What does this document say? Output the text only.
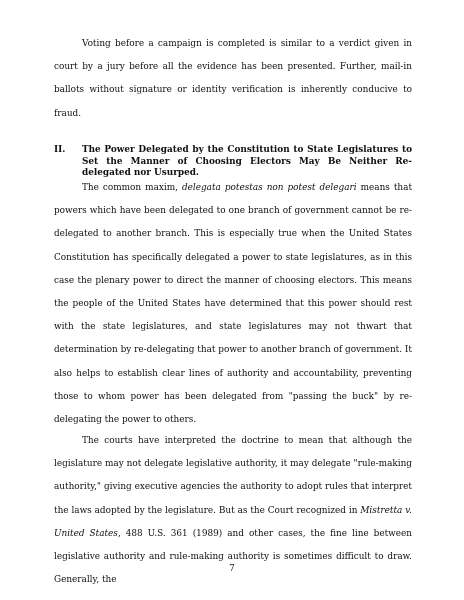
Voting before a campaign is completed is similar to a verdict given in court by a jury before all the evidence has been presented. Further, mail-in ballots without signature or identity verification is inherently conducive to fraud.

II.	The Power Delegated by the Constitution to State Legislatures to Set the Manner of Choosing Electors May Be Neither Re-delegated nor Usurped.

The common maxim, delegata potestas non potest delegari means that powers which have been delegated to one branch of government cannot be re-delegated to another branch. This is especially true when the United States Constitution has specifically delegated a power to state legislatures, as in this case the plenary power to direct the manner of choosing electors. This means the people of the United States have determined that this power should rest with the state legislatures, and state legislatures may not thwart that determination by re-delegating that power to another branch of government. It also helps to establish clear lines of authority and accountability, preventing those to whom power has been delegated from "passing the buck" by re-delegating the power to others.

The courts have interpreted the doctrine to mean that although the legislature may not delegate legislative authority, it may delegate "rule-making authority," giving executive agencies the authority to adopt rules that interpret the laws adopted by the legislature. But as the Court recognized in Mistretta v. United States, 488 U.S. 361 (1989) and other cases, the fine line between legislative authority and rule-making authority is sometimes difficult to draw. Generally, the

7
